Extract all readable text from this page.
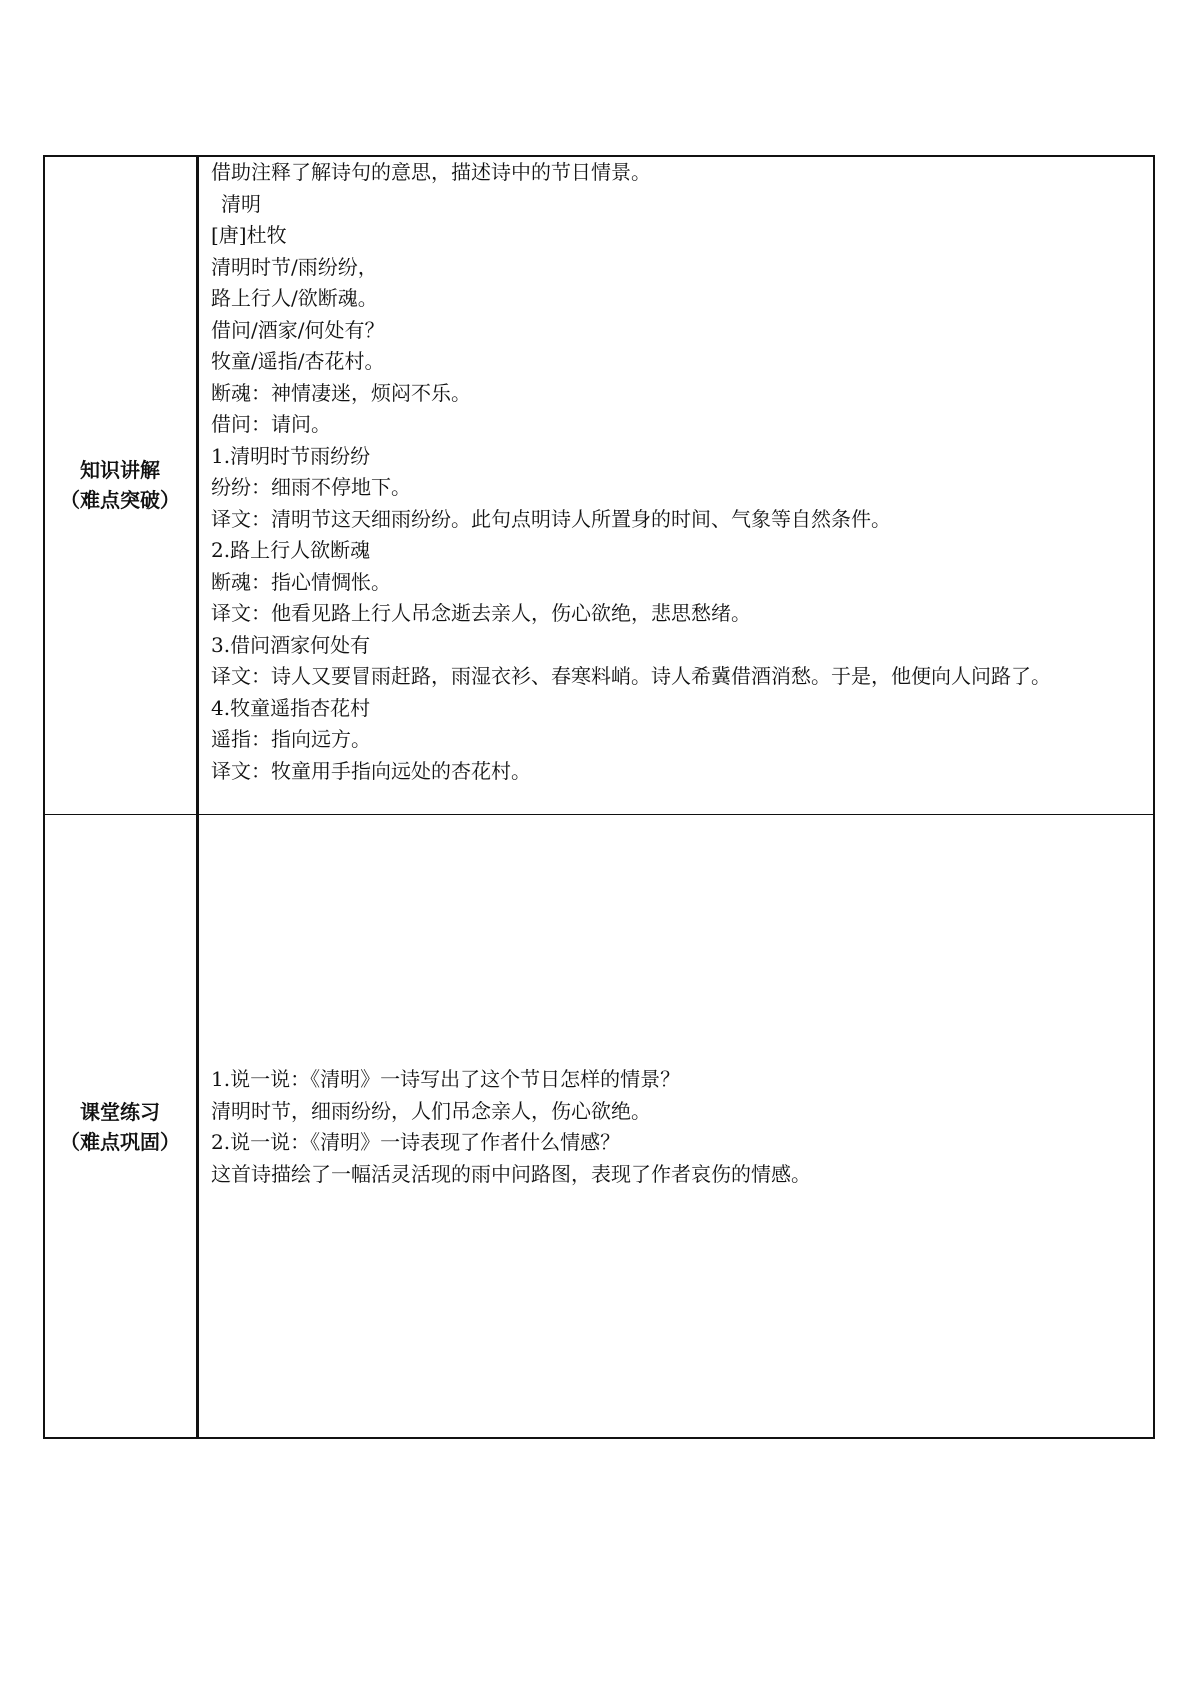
知识讲解
（难点突破）
借助注释了解诗句的意思，描述诗中的节日情景。
清明
[唐]杜牧
清明时节/雨纷纷，
路上行人/欲断魂。
借问/酒家/何处有？
牧童/遥指/杏花村。
断魂：神情凄迷，烦闷不乐。
借问：请问。
1.清明时节雨纷纷
纷纷：细雨不停地下。
译文：清明节这天细雨纷纷。此句点明诗人所置身的时间、气象等自然条件。
2.路上行人欲断魂
断魂：指心情惆怅。
译文：他看见路上行人吊念逝去亲人，伤心欲绝，悲思愁绪。
3.借问酒家何处有
译文：诗人又要冒雨赶路，雨湿衣衫、春寒料峭。诗人希冀借酒消愁。于是，他便向人问路了。
4.牧童遥指杏花村
遥指：指向远方。
译文：牧童用手指向远处的杏花村。
课堂练习
（难点巩固）
1.说一说：《清明》一诗写出了这个节日怎样的情景？
清明时节，细雨纷纷，人们吊念亲人，伤心欲绝。
2.说一说：《清明》一诗表现了作者什么情感？
这首诗描绘了一幅活灵活现的雨中问路图，表现了作者哀伤的情感。
